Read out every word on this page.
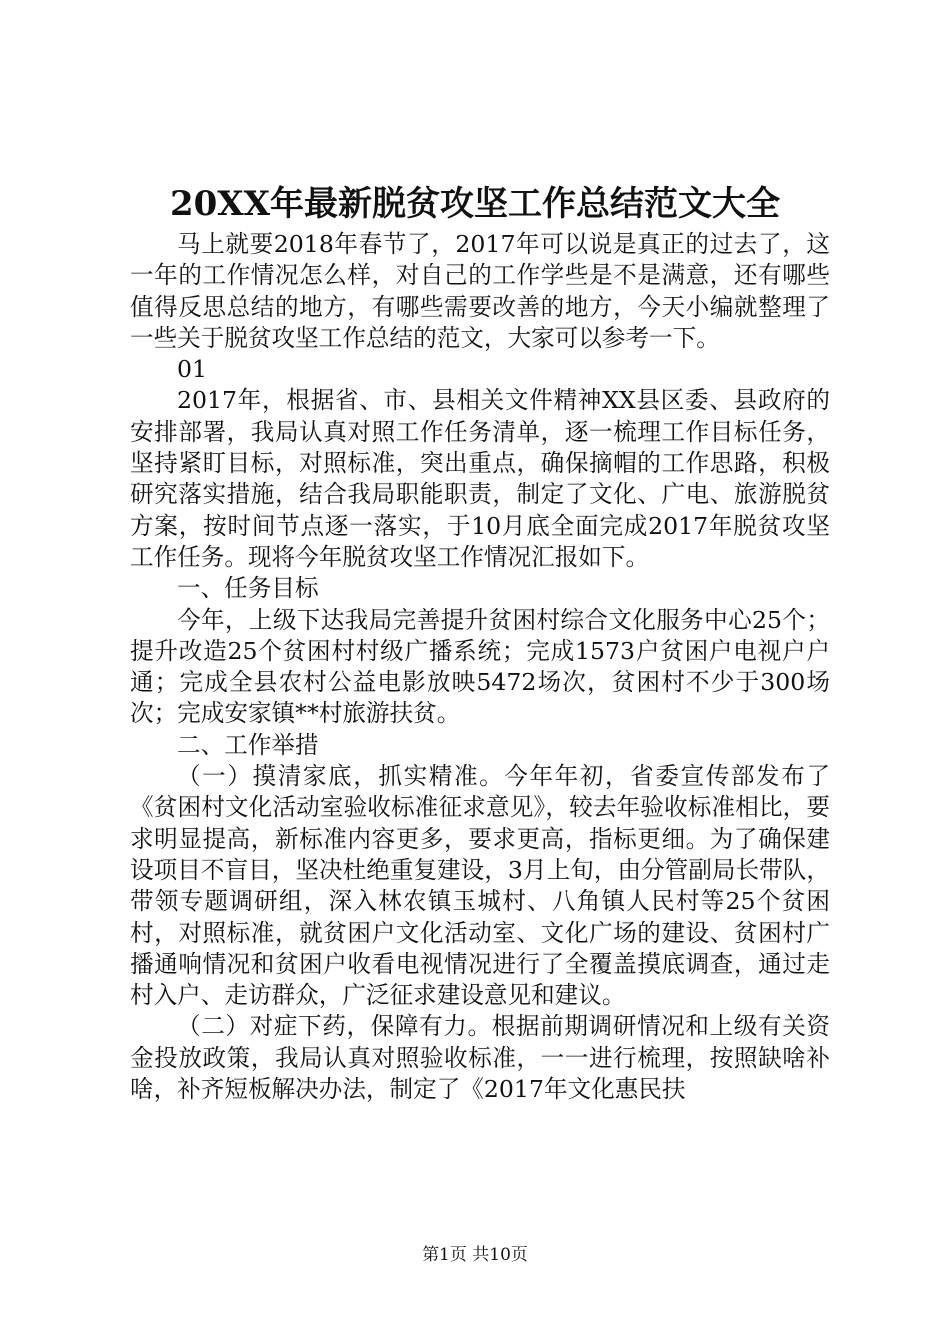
20XX年最新脱贫攻坚工作总结范文大全

马上就要2018年春节了，2017年可以说是真正的过去了，这一年的工作情况怎么样，对自己的工作学些是不是满意，还有哪些值得反思总结的地方，有哪些需要改善的地方，今天小编就整理了一些关于脱贫攻坚工作总结的范文，大家可以参考一下。

01

2017年，根据省、市、县相关文件精神XX县区委、县政府的安排部署，我局认真对照工作任务清单，逐一梳理工作目标任务，坚持紧盯目标，对照标准，突出重点，确保摘帽的工作思路，积极研究落实措施，结合我局职能职责，制定了文化、广电、旅游脱贫方案，按时间节点逐一落实，于10月底全面完成2017年脱贫攻坚工作任务。现将今年脱贫攻坚工作情况汇报如下。

一、任务目标

今年，上级下达我局完善提升贫困村综合文化服务中心25个；提升改造25个贫困村村级广播系统；完成1573户贫困户电视户户通；完成全县农村公益电影放映5472场次，贫困村不少于300场次；完成安家镇**村旅游扶贫。

二、工作举措

（一）摸清家底，抓实精准。今年年初，省委宣传部发布了《贫困村文化活动室验收标准征求意见》，较去年验收标准相比，要求明显提高，新标准内容更多，要求更高，指标更细。为了确保建设项目不盲目，坚决杜绝重复建设，3月上旬，由分管副局长带队，带领专题调研组，深入林农镇玉城村、八角镇人民村等25个贫困村，对照标准，就贫困户文化活动室、文化广场的建设、贫困村广播通响情况和贫困户收看电视情况进行了全覆盖摸底调查，通过走村入户、走访群众，广泛征求建设意见和建议。

（二）对症下药，保障有力。根据前期调研情况和上级有关资金投放政策，我局认真对照验收标准，一一进行梳理，按照缺啥补啥，补齐短板解决办法，制定了《2017年文化惠民扶

第1页 共10页
